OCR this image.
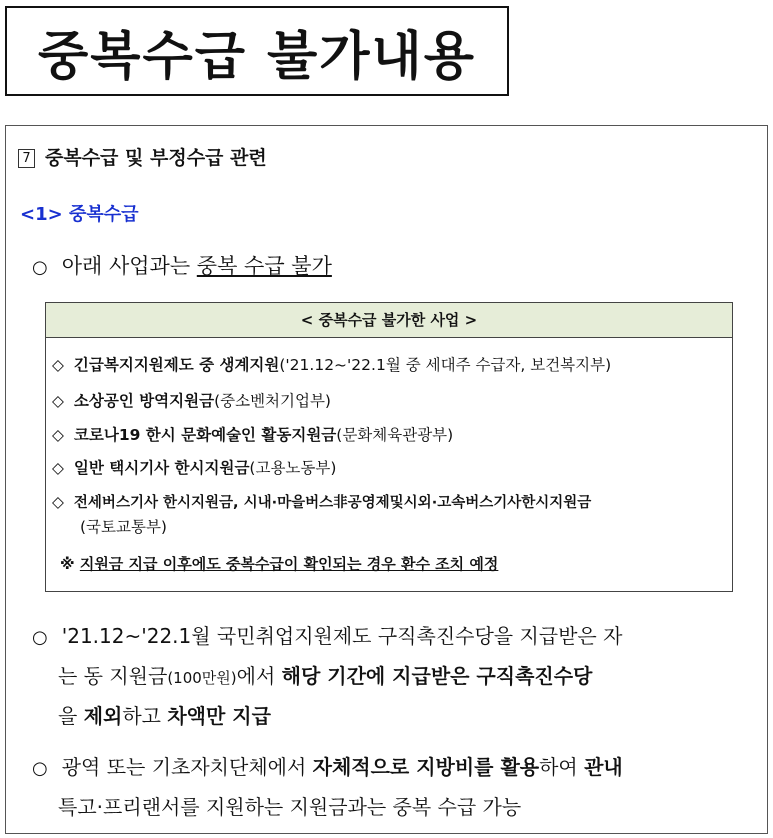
중복수급 불가내용
7 중복수급 및 부정수급 관련
<1> 중복수급
○ 아래 사업과는 중복 수급 불가
< 중복수급 불가한 사업 >
◇ 긴급복지지원제도 중 생계지원('21.12~'22.1월 중 세대주 수급자, 보건복지부)
◇ 소상공인 방역지원금(중소벤처기업부)
◇ 코로나19 한시 문화예술인 활동지원금(문화체육관광부)
◇ 일반 택시기사 한시지원금(고용노동부)
◇ 전세버스기사 한시지원금, 시내·마을버스非공영제및시외·고속버스기사한시지원금
(국토교통부)
※ 지원금 지급 이후에도 중복수급이 확인되는 경우 환수 조치 예정
○ '21.12~'22.1월 국민취업지원제도 구직촉진수당을 지급받은 자
는 동 지원금(100만원)에서 해당 기간에 지급받은 구직촉진수당
을 제외하고 차액만 지급
○ 광역 또는 기초자치단체에서 자체적으로 지방비를 활용하여 관내
특고·프리랜서를 지원하는 지원금과는 중복 수급 가능
